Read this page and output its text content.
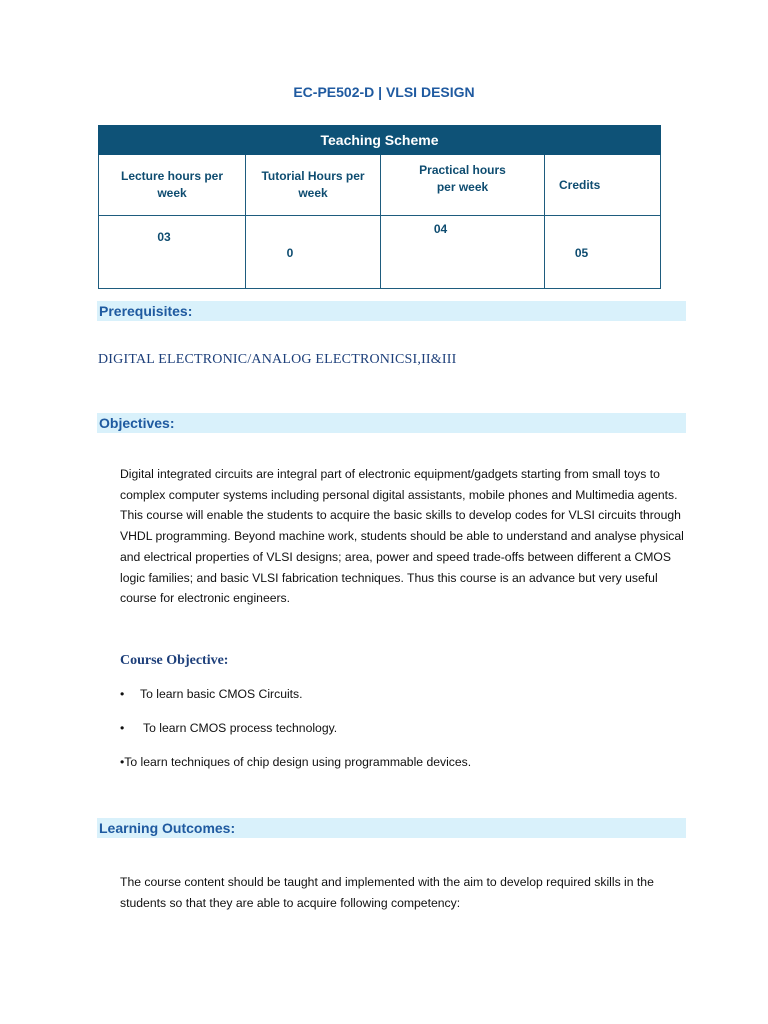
EC-PE502-D | VLSI DESIGN
Teaching Scheme			

Lecture hours per week	Tutorial Hours per week	Practical hours per week	Credits

03	0	04	05
Prerequisites:
DIGITAL ELECTRONIC/ANALOG ELECTRONICSI,II&III
Objectives:
Digital integrated circuits are integral part of electronic equipment/gadgets starting from small toys to
complex computer systems including personal digital assistants, mobile phones and Multimedia agents.
This course will enable the students to acquire the basic skills to develop codes for VLSI circuits through
VHDL programming. Beyond machine work, students should be able to understand and analyse physical
and electrical properties of VLSI designs; area, power and speed trade-offs between different a CMOS
logic families; and basic VLSI fabrication techniques. Thus this course is an advance but very useful
course for electronic engineers.
Course Objective:
• To learn basic CMOS Circuits.
• To learn CMOS process technology.
•To learn techniques of chip design using programmable devices.
Learning Outcomes:
The course content should be taught and implemented with the aim to develop required skills in the
students so that they are able to acquire following competency:
